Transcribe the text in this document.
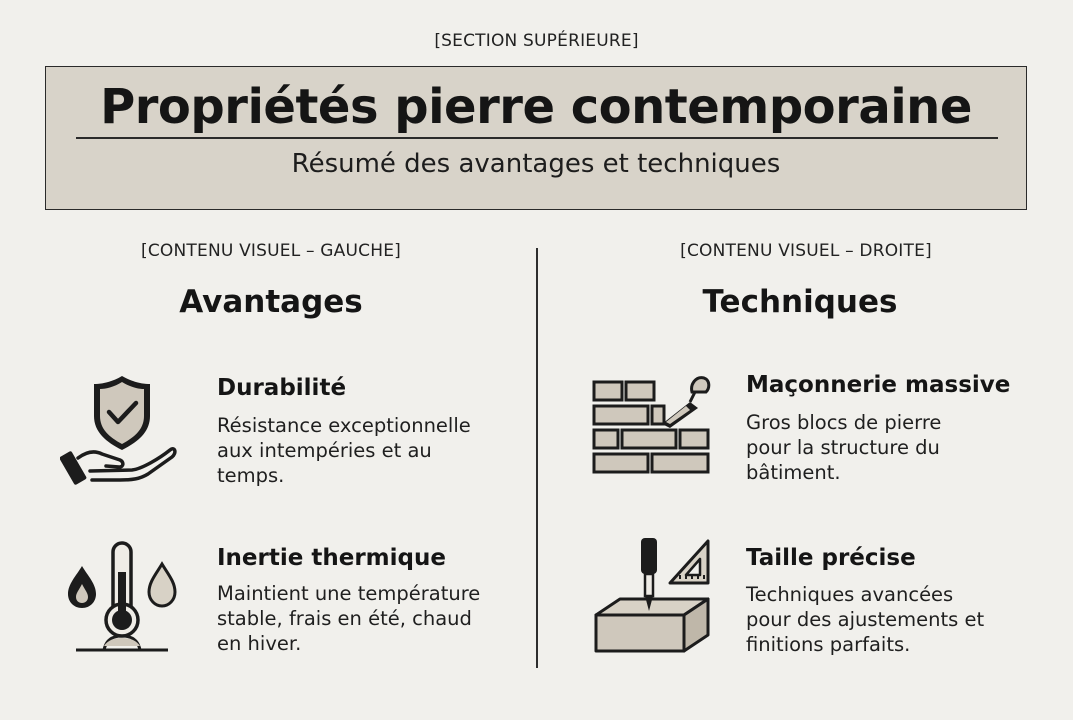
[SECTION SUPÉRIEURE]
Propriétés pierre contemporaine
Résumé des avantages et techniques
[CONTENU VISUEL – GAUCHE]	[CONTENU VISUEL – DROITE]
Avantages	Techniques
Durabilité
Résistance exceptionnelle
aux intempéries et au
temps.
Inertie thermique
Maintient une température
stable, frais en été, chaud
en hiver.
Maçonnerie massive
Gros blocs de pierre
pour la structure du
bâtiment.
Taille précise
Techniques avancées
pour des ajustements et
finitions parfaits.
